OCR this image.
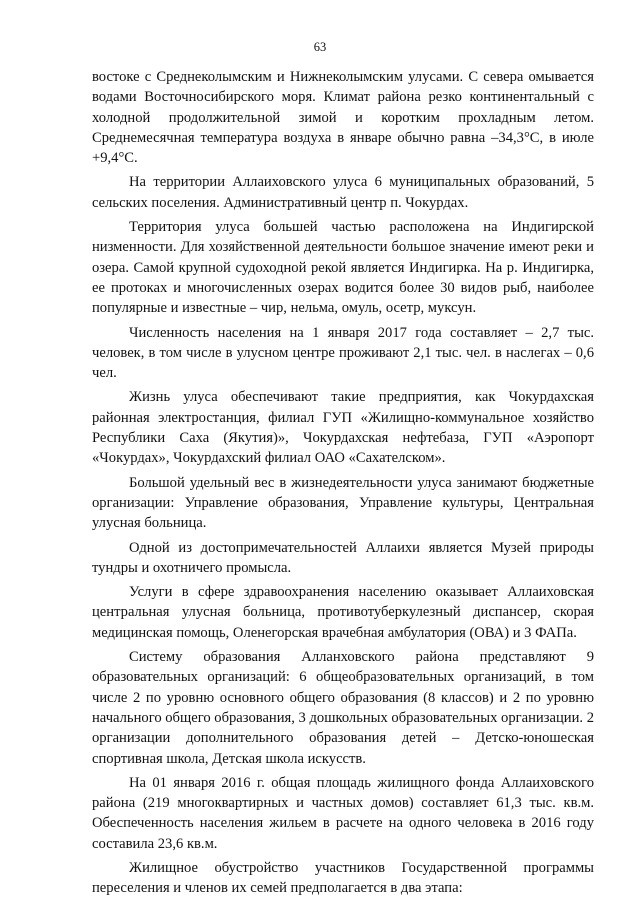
63

востоке с Среднеколымским и Нижнеколымским улусами. С севера омывается водами Восточносибирского моря. Климат района резко континентальный с холодной продолжительной зимой и коротким прохладным летом. Среднемесячная температура воздуха в январе обычно равна –34,3°С, в июле +9,4°С.

На территории Аллаиховского улуса 6 муниципальных образований, 5 сельских поселения. Административный центр п. Чокурдах.

Территория улуса большей частью расположена на Индигирской низменности. Для хозяйственной деятельности большое значение имеют реки и озера. Самой крупной судоходной рекой является Индигирка. На р. Индигирка, ее протоках и многочисленных озерах водится более 30 видов рыб, наиболее популярные и известные – чир, нельма, омуль, осетр, муксун.

Численность населения на 1 января 2017 года составляет – 2,7 тыс. человек, в том числе в улусном центре проживают 2,1 тыс. чел. в наслегах – 0,6 чел.

Жизнь улуса обеспечивают такие предприятия, как Чокурдахская районная электростанция, филиал ГУП «Жилищно-коммунальное хозяйство Республики Саха (Якутия)», Чокурдахская нефтебаза, ГУП «Аэропорт «Чокурдах», Чокурдахский филиал ОАО «Сахателском».

Большой удельный вес в жизнедеятельности улуса занимают бюджетные организации: Управление образования, Управление культуры, Центральная улусная больница.

Одной из достопримечательностей Аллаихи является Музей природы тундры и охотничего промысла.

Услуги в сфере здравоохранения населению оказывает Аллаиховская центральная улусная больница, противотуберкулезный диспансер, скорая медицинская помощь, Оленегорская врачебная амбулатория (ОВА) и 3 ФАПа.

Систему образования Алланховского района представляют 9 образовательных организаций: 6 общеобразовательных организаций, в том числе 2 по уровню основного общего образования (8 классов) и 2 по уровню начального общего образования, 3 дошкольных образовательных организации. 2 организации дополнительного образования детей – Детско-юношеская спортивная школа, Детская школа искусств.

На 01 января 2016 г. общая площадь жилищного фонда Аллаиховского района (219 многоквартирных и частных домов) составляет 61,3 тыс. кв.м. Обеспеченность населения жильем в расчете на одного человека в 2016 году составила 23,6 кв.м.

Жилищное обустройство участников Государственной программы переселения и членов их семей предполагается в два этапа:
